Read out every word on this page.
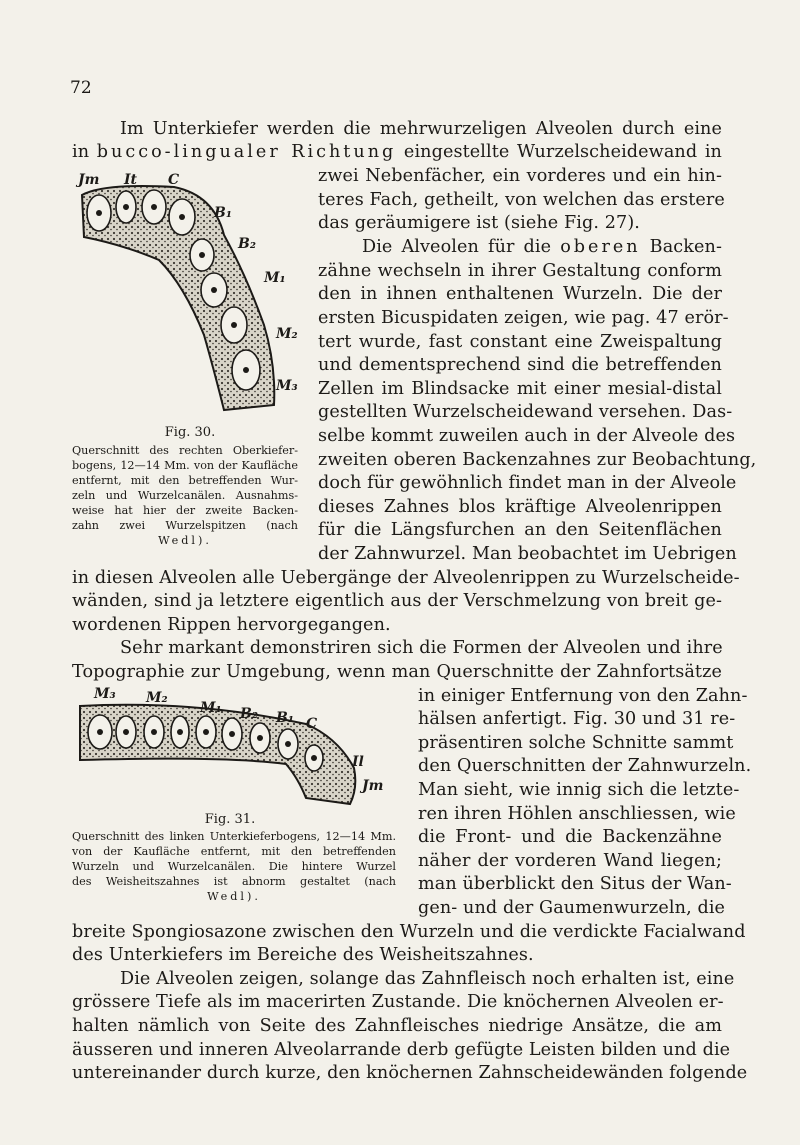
72
Im Unterkiefer werden die mehrwurzeligen Alveolen durch eine
in bucco-lingualer Richtung eingestellte Wurzelscheidewand in
zwei Nebenfächer, ein vorderes und ein hin-
teres Fach, getheilt, von welchen das erstere
das geräumigere ist (siehe Fig. 27).
Die Alveolen für die oberen Backen-
zähne wechseln in ihrer Gestaltung conform
den in ihnen enthaltenen Wurzeln. Die der
ersten Bicuspidaten zeigen, wie pag. 47 erör-
tert wurde, fast constant eine Zweispaltung
und dementsprechend sind die betreffenden
Zellen im Blindsacke mit einer mesial-distal
gestellten Wurzelscheidewand versehen. Das-
selbe kommt zuweilen auch in der Alveole des
zweiten oberen Backenzahnes zur Beobachtung,
doch für gewöhnlich findet man in der Alveole
dieses Zahnes blos kräftige Alveolenrippen
für die Längsfurchen an den Seitenflächen
der Zahnwurzel. Man beobachtet im Uebrigen
in diesen Alveolen alle Uebergänge der Alveolenrippen zu Wurzelscheide-
wänden, sind ja letztere eigentlich aus der Verschmelzung von breit ge-
wordenen Rippen hervorgegangen.
Sehr markant demonstriren sich die Formen der Alveolen und ihre
Topographie zur Umgebung, wenn man Querschnitte der Zahnfortsätze
in einiger Entfernung von den Zahn-
hälsen anfertigt. Fig. 30 und 31 re-
präsentiren solche Schnitte sammt
den Querschnitten der Zahnwurzeln.
Man sieht, wie innig sich die letzte-
ren ihren Höhlen anschliessen, wie
die Front- und die Backenzähne
näher der vorderen Wand liegen;
man überblickt den Situs der Wan-
gen- und der Gaumenwurzeln, die
breite Spongiosazone zwischen den Wurzeln und die verdickte Facialwand
des Unterkiefers im Bereiche des Weisheitszahnes.
Die Alveolen zeigen, solange das Zahnfleisch noch erhalten ist, eine
grössere Tiefe als im macerirten Zustande. Die knöchernen Alveolen er-
halten nämlich von Seite des Zahnfleisches niedrige Ansätze, die am
äusseren und inneren Alveolarrande derb gefügte Leisten bilden und die
untereinander durch kurze, den knöchernen Zahnscheidewänden folgende
Jm It C
B₁
B₂
M₁
M₂
M₃
Fig. 30.
Querschnitt des rechten Oberkiefer-
bogens, 12—14 Mm. von der Kaufläche
entfernt, mit den betreffenden Wur-
zeln und Wurzelcanälen. Ausnahms-
weise hat hier der zweite Backen-
zahn zwei Wurzelspitzen (nach
Wedl).
M₃ M₂
M₁ B₂ B₁ C
Il
Jm
Fig. 31.
Querschnitt des linken Unterkieferbogens, 12—14 Mm.
von der Kaufläche entfernt, mit den betreffenden
Wurzeln und Wurzelcanälen. Die hintere Wurzel
des Weisheitszahnes ist abnorm gestaltet (nach
Wedl).
